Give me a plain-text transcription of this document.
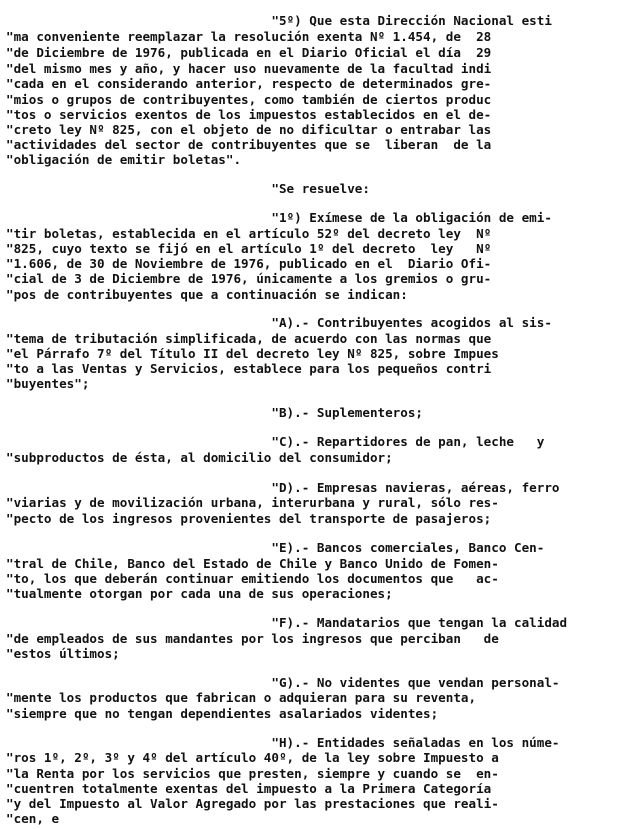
"5º) Que esta Dirección Nacional esti
"ma conveniente reemplazar la resolución exenta Nº 1.454, de  28
"de Diciembre de 1976, publicada en el Diario Oficial el día  29
"del mismo mes y año, y hacer uso nuevamente de la facultad indi
"cada en el considerando anterior, respecto de determinados gre-
"mios o grupos de contribuyentes, como también de ciertos produc
"tos o servicios exentos de los impuestos establecidos en el de-
"creto ley Nº 825, con el objeto de no dificultar o entrabar las
"actividades del sector de contribuyentes que se  liberan  de la
"obligación de emitir boletas".
"Se resuelve:
"1º) Exímese de la obligación de emi-
"tir boletas, establecida en el artículo 52º del decreto ley  Nº
"825, cuyo texto se fijó en el artículo 1º del decreto  ley   Nº
"1.606, de 30 de Noviembre de 1976, publicado en el  Diario Ofi-
"cial de 3 de Diciembre de 1976, únicamente a los gremios o gru-
"pos de contribuyentes que a continuación se indican:
"A).- Contribuyentes acogidos al sis-
"tema de tributación simplificada, de acuerdo con las normas que
"el Párrafo 7º del Título II del decreto ley Nº 825, sobre Impues
"to a las Ventas y Servicios, establece para los pequeños contri
"buyentes";
"B).- Suplementeros;
"C).- Repartidores de pan, leche   y
"subproductos de ésta, al domicilio del consumidor;
"D).- Empresas navieras, aéreas, ferro
"viarias y de movilización urbana, interurbana y rural, sólo res-
"pecto de los ingresos provenientes del transporte de pasajeros;
"E).- Bancos comerciales, Banco Cen-
"tral de Chile, Banco del Estado de Chile y Banco Unido de Fomen-
"to, los que deberán continuar emitiendo los documentos que   ac-
"tualmente otorgan por cada una de sus operaciones;
"F).- Mandatarios que tengan la calidad
"de empleados de sus mandantes por los ingresos que perciban   de
"estos últimos;
"G).- No videntes que vendan personal-
"mente los productos que fabrican o adquieran para su reventa,
"siempre que no tengan dependientes asalariados videntes;
"H).- Entidades señaladas en los núme-
"ros 1º, 2º, 3º y 4º del artículo 40º, de la ley sobre Impuesto a
"la Renta por los servicios que presten, siempre y cuando se  en-
"cuentren totalmente exentas del impuesto a la Primera Categoría
"y del Impuesto al Valor Agregado por las prestaciones que reali-
"cen, e
